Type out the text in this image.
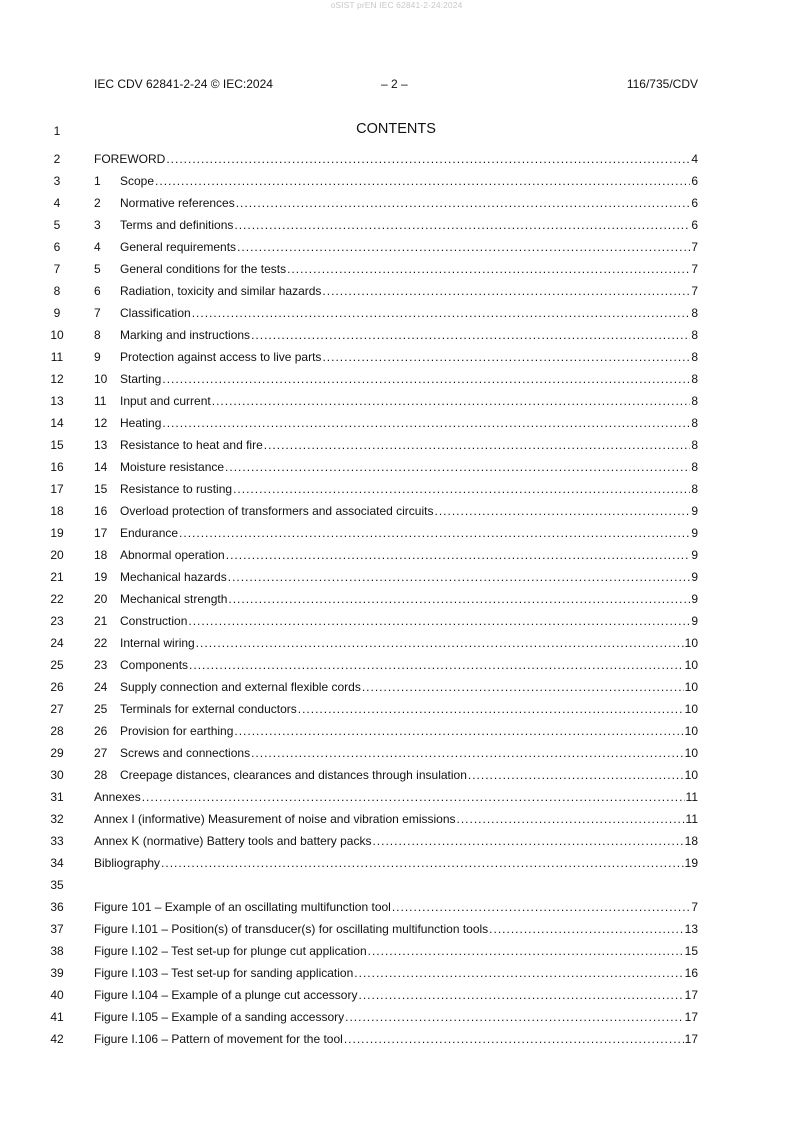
oSIST prEN IEC 62841-2-24:2024
IEC CDV 62841-2-24 © IEC:2024	– 2 –	116/735/CDV
1	CONTENTS
2	FOREWORD .....	4
3	1	Scope .....	6
4	2	Normative references .....	6
5	3	Terms and definitions .....	6
6	4	General requirements .....	7
7	5	General conditions for the tests .....	7
8	6	Radiation, toxicity and similar hazards .....	7
9	7	Classification .....	8
10	8	Marking and instructions .....	8
11	9	Protection against access to live parts .....	8
12	10	Starting .....	8
13	11	Input and current .....	8
14	12	Heating .....	8
15	13	Resistance to heat and fire .....	8
16	14	Moisture resistance .....	8
17	15	Resistance to rusting .....	8
18	16	Overload protection of transformers and associated circuits .....	9
19	17	Endurance .....	9
20	18	Abnormal operation .....	9
21	19	Mechanical hazards .....	9
22	20	Mechanical strength .....	9
23	21	Construction .....	9
24	22	Internal wiring .....	10
25	23	Components .....	10
26	24	Supply connection and external flexible cords .....	10
27	25	Terminals for external conductors .....	10
28	26	Provision for earthing .....	10
29	27	Screws and connections .....	10
30	28	Creepage distances, clearances and distances through insulation .....	10
31	Annexes .....	11
32	Annex I (informative) Measurement of noise and vibration emissions .....	11
33	Annex K (normative) Battery tools and battery packs .....	18
34	Bibliography .....	19
35
36	Figure 101 – Example of an oscillating multifunction tool .....	7
37	Figure I.101 – Position(s) of transducer(s) for oscillating multifunction tools .....	13
38	Figure I.102 – Test set-up for plunge cut application .....	15
39	Figure I.103 – Test set-up for sanding application .....	16
40	Figure I.104 – Example of a plunge cut accessory .....	17
41	Figure I.105 – Example of a sanding accessory .....	17
42	Figure I.106 – Pattern of movement for the tool .....	17
